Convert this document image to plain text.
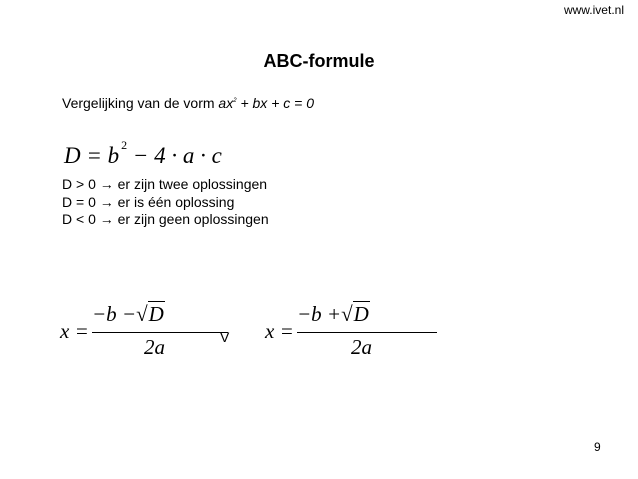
www.ivet.nl
ABC-formule
Vergelijking van de vorm $ax^2$ + bx + c = 0
D = b $^2$ − 4 · a · c
D > 0 → er zijn twee oplossingen
D = 0 → er is één oplossing
D < 0 → er zijn geen oplossingen
x =
−b −√D
2a	V x =
−b +√D
2a
9
